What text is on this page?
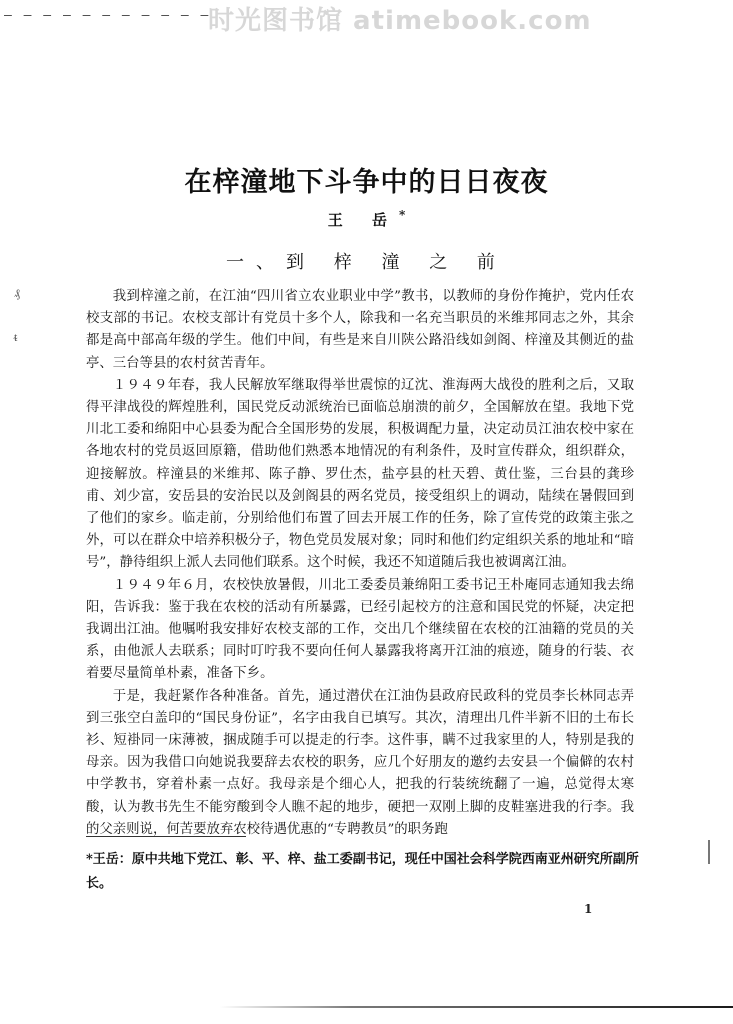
— — — — — — — — — — —
时光图书馆 atimebook.com
在梓潼地下斗争中的日日夜夜
王 岳*
一、到 梓 潼 之 前
₰
ᵵ

我到梓潼之前，在江油“四川省立农业职业中学”教书，以教师的身份作掩护，党内任农校支部的书记。农校支部计有党员十多个人，除我和一名充当职员的米维邦同志之外，其余都是高中部高年级的学生。他们中间，有些是来自川陕公路沿线如剑阁、梓潼及其侧近的盐亭、三台等县的农村贫苦青年。

１９４９年春，我人民解放军继取得举世震惊的辽沈、淮海两大战役的胜利之后，又取得平津战役的辉煌胜利，国民党反动派统治已面临总崩溃的前夕，全国解放在望。我地下党川北工委和绵阳中心县委为配合全国形势的发展，积极调配力量，决定动员江油农校中家在各地农村的党员返回原籍，借助他们熟悉本地情况的有利条件，及时宣传群众，组织群众，迎接解放。梓潼县的米维邦、陈子静、罗仕杰，盐亭县的杜天碧、黄仕鉴，三台县的龚珍甫、刘少富，安岳县的安治民以及剑阁县的两名党员，接受组织上的调动，陆续在暑假回到了他们的家乡。临走前，分别给他们布置了回去开展工作的任务，除了宣传党的政策主张之外，可以在群众中培养积极分子，物色党员发展对象；同时和他们约定组织关系的地址和“暗号”，静待组织上派人去同他们联系。这个时候，我还不知道随后我也被调离江油。

１９４９年６月，农校快放暑假，川北工委委员兼绵阳工委书记王朴庵同志通知我去绵阳，告诉我：鉴于我在农校的活动有所暴露，已经引起校方的注意和国民党的怀疑，决定把我调出江油。他嘱咐我安排好农校支部的工作，交出几个继续留在农校的江油籍的党员的关系，由他派人去联系；同时叮咛我不要向任何人暴露我将离开江油的痕迹，随身的行装、衣着要尽量简单朴素，准备下乡。

于是，我赶紧作各种准备。首先，通过潜伏在江油伪县政府民政科的党员李长林同志弄到三张空白盖印的“国民身份证”，名字由我自已填写。其次，清理出几件半新不旧的土布长衫、短褂同一床薄被，捆成随手可以提走的行李。这件事，瞒不过我家里的人，特别是我的母亲。因为我借口向她说我要辞去农校的职务，应几个好朋友的邀约去安县一个偏僻的农村中学教书，穿着朴素一点好。我母亲是个细心人，把我的行装统统翻了一遍，总觉得太寒酸，认为教书先生不能穷酸到令人瞧不起的地步，硬把一双刚上脚的皮鞋塞进我的行李。我的父亲则说，何苦要放弃农校待遇优惠的“专聘教员”的职务跑

*王岳：原中共地下党江、彰、平、梓、盐工委副书记，现任中国社会科学院西南亚州研究所副所长。
1
